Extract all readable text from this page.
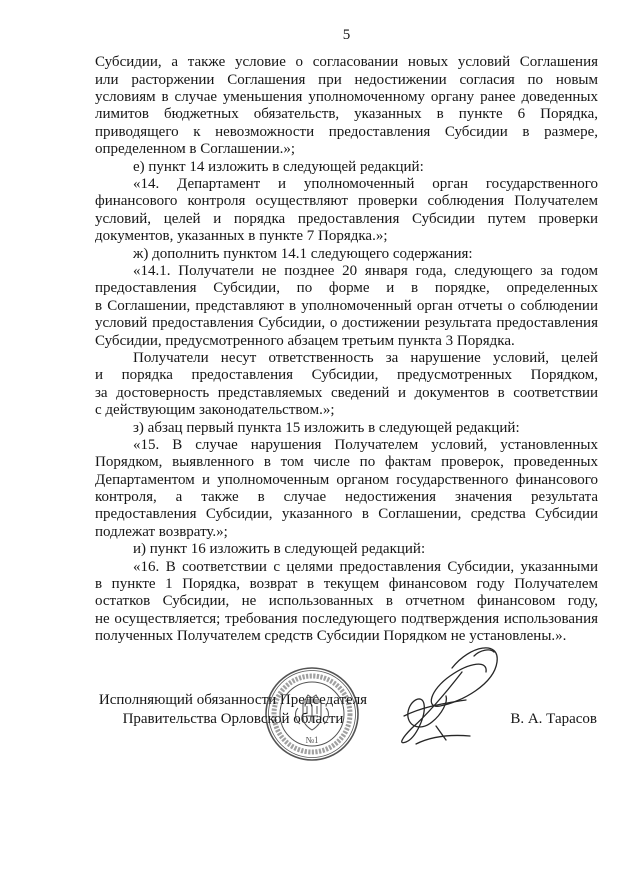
5
Субсидии, а также условие о согласовании новых условий Соглашения
или расторжении Соглашения при недостижении согласия по новым
условиям в случае уменьшения уполномоченному органу ранее доведенных
лимитов бюджетных обязательств, указанных в пункте 6 Порядка,
приводящего к невозможности предоставления Субсидии в размере,
определенном в Соглашении.»;
е) пункт 14 изложить в следующей редакций:
«14. Департамент и уполномоченный орган государственного
финансового контроля осуществляют проверки соблюдения Получателем
условий, целей и порядка предоставления Субсидии путем проверки
документов, указанных в пункте 7 Порядка.»;
ж) дополнить пунктом 14.1 следующего содержания:
«14.1. Получатели не позднее 20 января года, следующего за годом
предоставления Субсидии, по форме и в порядке, определенных
в Соглашении, представляют в уполномоченный орган отчеты о соблюдении
условий предоставления Субсидии, о достижении результата предоставления
Субсидии, предусмотренного абзацем третьим пункта 3 Порядка.
Получатели несут ответственность за нарушение условий, целей
и порядка предоставления Субсидии, предусмотренных Порядком,
за достоверность представляемых сведений и документов в соответствии
с действующим законодательством.»;
з) абзац первый пункта 15 изложить в следующей редакций:
«15. В случае нарушения Получателем условий, установленных
Порядком, выявленного в том числе по фактам проверок, проведенных
Департаментом и уполномоченным органом государственного финансового
контроля, а также в случае недостижения значения результата
предоставления Субсидии, указанного в Соглашении, средства Субсидии
подлежат возврату.»;
и) пункт 16 изложить в следующей редакций:
«16. В соответствии с целями предоставления Субсидии, указанными
в пункте 1 Порядка, возврат в текущем финансовом году Получателем
остатков Субсидии, не использованных в отчетном финансовом году,
не осуществляется; требования последующего подтверждения использования
полученных Получателем средств Субсидии Порядком не установлены.».
Исполняющий обязанности Председателя
Правительства Орловской области	В. А. Тарасов
№1
